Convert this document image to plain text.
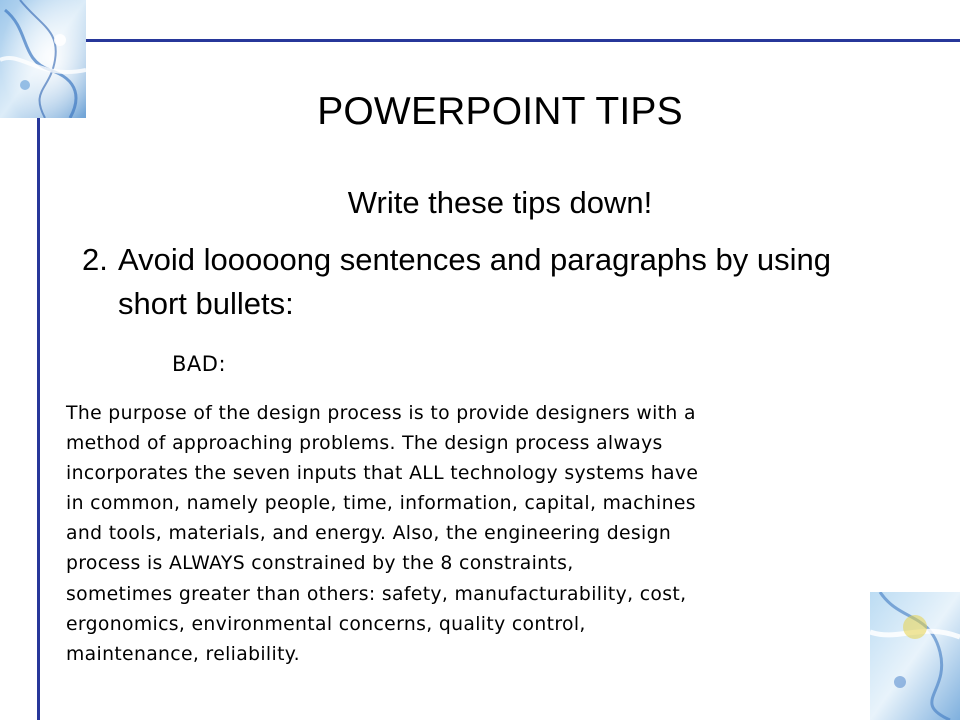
POWERPOINT TIPS
Write these tips down!
2. Avoid looooong sentences and paragraphs by using short bullets:
BAD:
The purpose of the design process is to provide designers with a
method of approaching problems. The design process always
incorporates the seven inputs that ALL technology systems have
in common, namely people, time, information, capital, machines
and tools, materials, and energy. Also, the engineering design
process is ALWAYS constrained by the 8 constraints,
sometimes greater than others: safety, manufacturability, cost,
ergonomics, environmental concerns, quality control,
maintenance, reliability.
